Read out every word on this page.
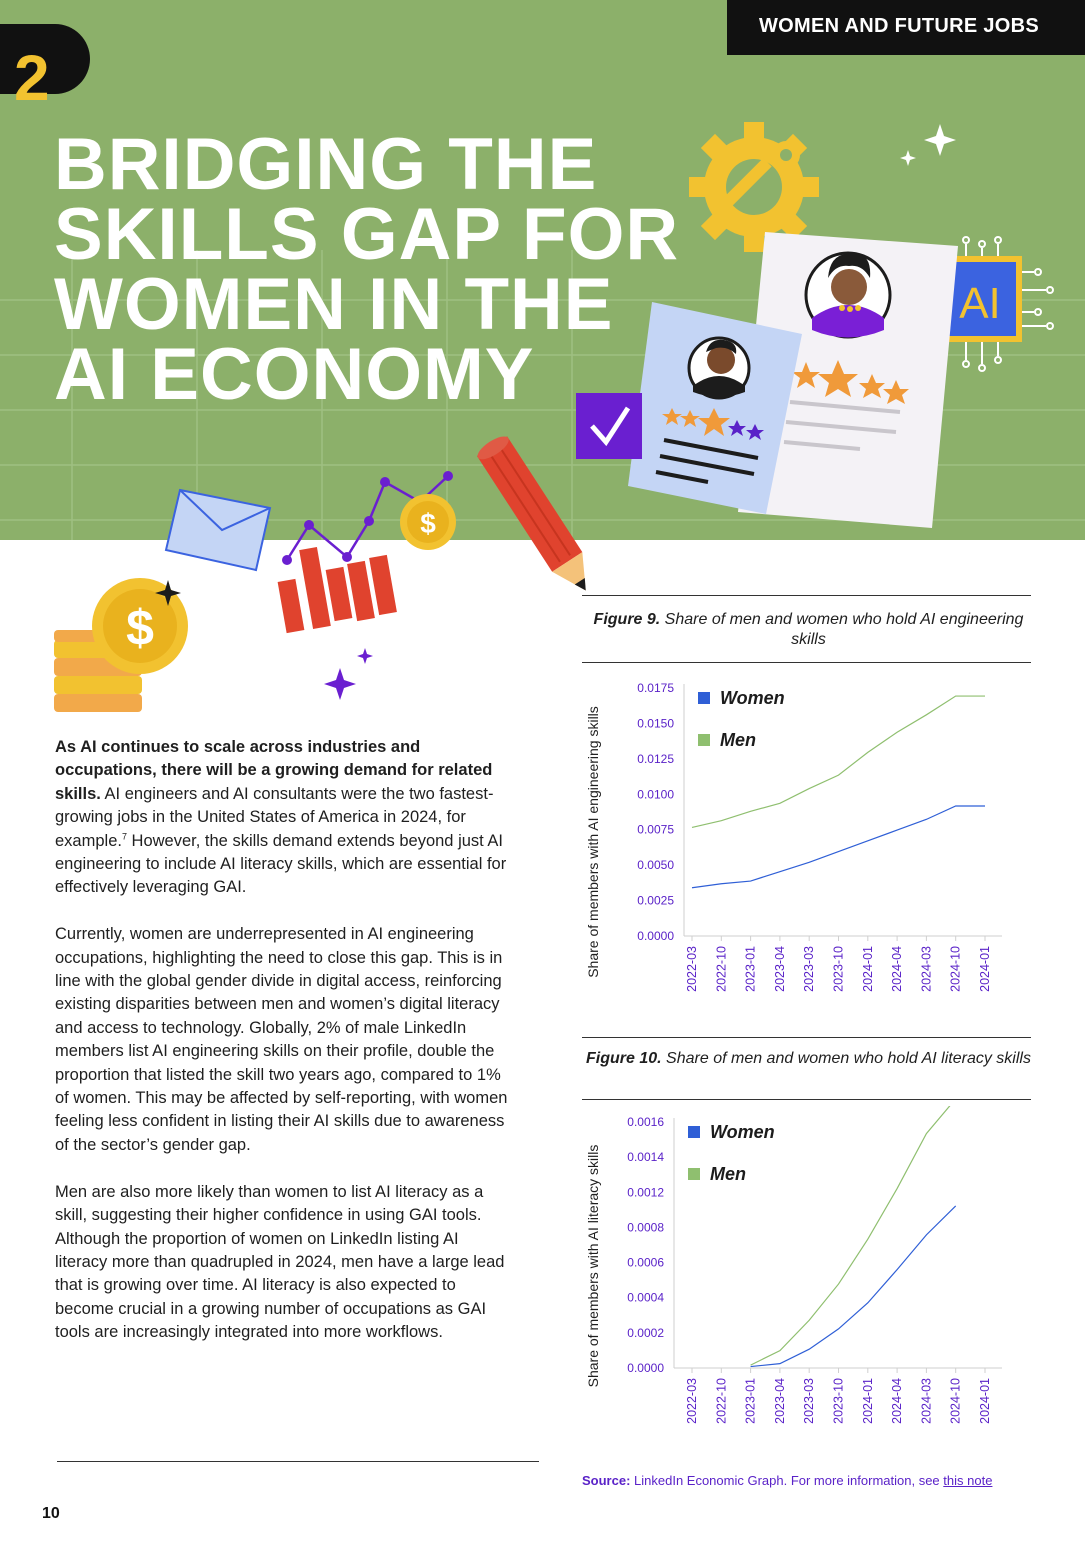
2
WOMEN AND FUTURE JOBS
BRIDGING THE
SKILLS GAP FOR
WOMEN IN THE
AI ECONOMY
AI
$
$

As AI continues to scale across industries and occupations, there will be a growing demand for related skills. AI engineers and AI consultants were the two fastest-growing jobs in the United States of America in 2024, for example.$^7$ However, the skills demand extends beyond just AI engineering to include AI literacy skills, which are essential for effectively leveraging GAI.

Currently, women are underrepresented in AI engineering occupations, highlighting the need to close this gap. This is in line with the global gender divide in digital access, reinforcing existing disparities between men and women’s digital literacy and access to technology. Globally, 2% of male LinkedIn members list AI engineering skills on their profile, double the proportion that listed the skill two years ago, compared to 1% of women. This may be affected by self-reporting, with women feeling less confident in listing their AI skills due to awareness of the sector’s gender gap.

Men are also more likely than women to list AI literacy as a skill, suggesting their higher confidence in using GAI tools. Although the proportion of women on LinkedIn listing AI literacy more than quadrupled in 2024, men have a large lead that is growing over time. AI literacy is also expected to become crucial in a growing number of occupations as GAI tools are increasingly integrated into more workflows.

Figure 9. Share of men and women who hold AI engineering skills
Share of members with AI engineering skills	0.0000
0.0025
0.0050
0.0075
0.0100
0.0125
0.0150
0.0175
2022-03 2022-10 2023-01 2023-04 2023-03 2023-10 2024-01 2024-04 2024-03 2024-10 2024-01
Women
Men
Figure 10. Share of men and women who hold AI literacy skills
Share of members with AI literacy skills 0.0000
0.0002
0.0004
0.0006
0.0008
0.0012
0.0014
0.0016
2022-03 2022-10 2023-01 2023-04 2023-03 2023-10 2024-01 2024-04 2024-03 2024-10 2024-01
Women
Men
Source: LinkedIn Economic Graph. For more information, see this note
10
